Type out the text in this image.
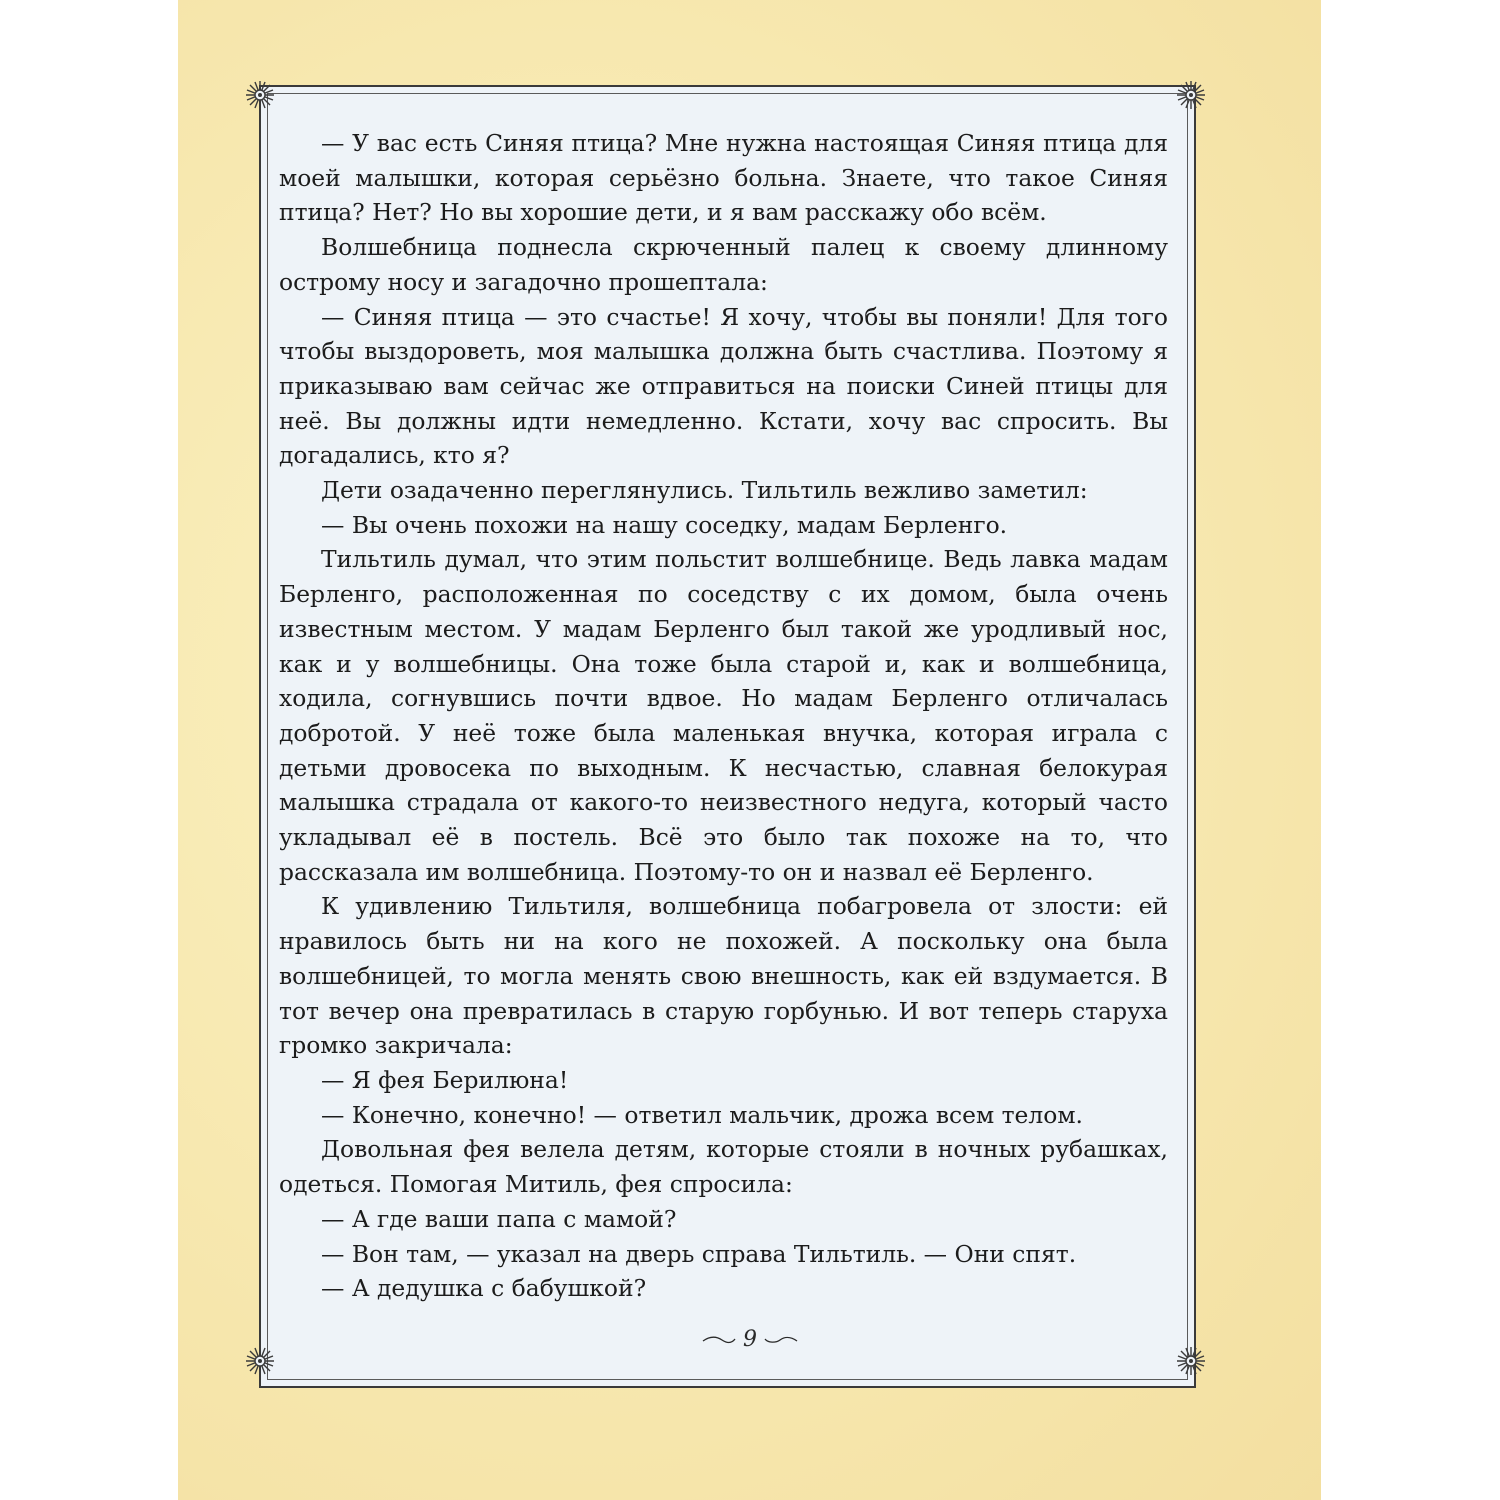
— У вас есть Синяя птица? Мне нужна настоящая Синяя птица для моей малышки, которая серьёзно больна. Знаете, что такое Синяя птица? Нет? Но вы хорошие дети, и я вам расскажу обо всём.

Волшебница поднесла скрюченный палец к своему длинному острому носу и загадочно прошептала:

— Синяя птица — это счастье! Я хочу, чтобы вы поняли! Для того чтобы выздороветь, моя малышка должна быть счастлива. Поэтому я приказываю вам сейчас же отправиться на поиски Синей птицы для неё. Вы должны идти немедленно. Кстати, хочу вас спросить. Вы догадались, кто я?

Дети озадаченно переглянулись. Тильтиль вежливо заметил:

— Вы очень похожи на нашу соседку, мадам Берленго.

Тильтиль думал, что этим польстит волшебнице. Ведь лавка мадам Берленго, расположенная по соседству с их домом, была очень известным местом. У мадам Берленго был такой же уродливый нос, как и у волшебницы. Она тоже была старой и, как и волшебница, ходила, согнувшись почти вдвое. Но мадам Берленго отличалась добротой. У неё тоже была маленькая внучка, которая играла с детьми дровосека по выходным. К несчастью, славная белокурая малышка страдала от какого-то неизвестного недуга, который часто укладывал её в постель. Всё это было так похоже на то, что рассказала им волшебница. Поэтому-то он и назвал её Берленго.

К удивлению Тильтиля, волшебница побагровела от злости: ей нравилось быть ни на кого не похожей. А поскольку она была волшебницей, то могла менять свою внешность, как ей вздумается. В тот вечер она превратилась в старую горбунью. И вот теперь старуха громко закричала:

— Я фея Берилюна!

— Конечно, конечно! — ответил мальчик, дрожа всем телом.

Довольная фея велела детям, которые стояли в ночных рубашках, одеться. Помогая Митиль, фея спросила:

— А где ваши папа с мамой?

— Вон там, — указал на дверь справа Тильтиль. — Они спят.

— А дедушка с бабушкой?

9
